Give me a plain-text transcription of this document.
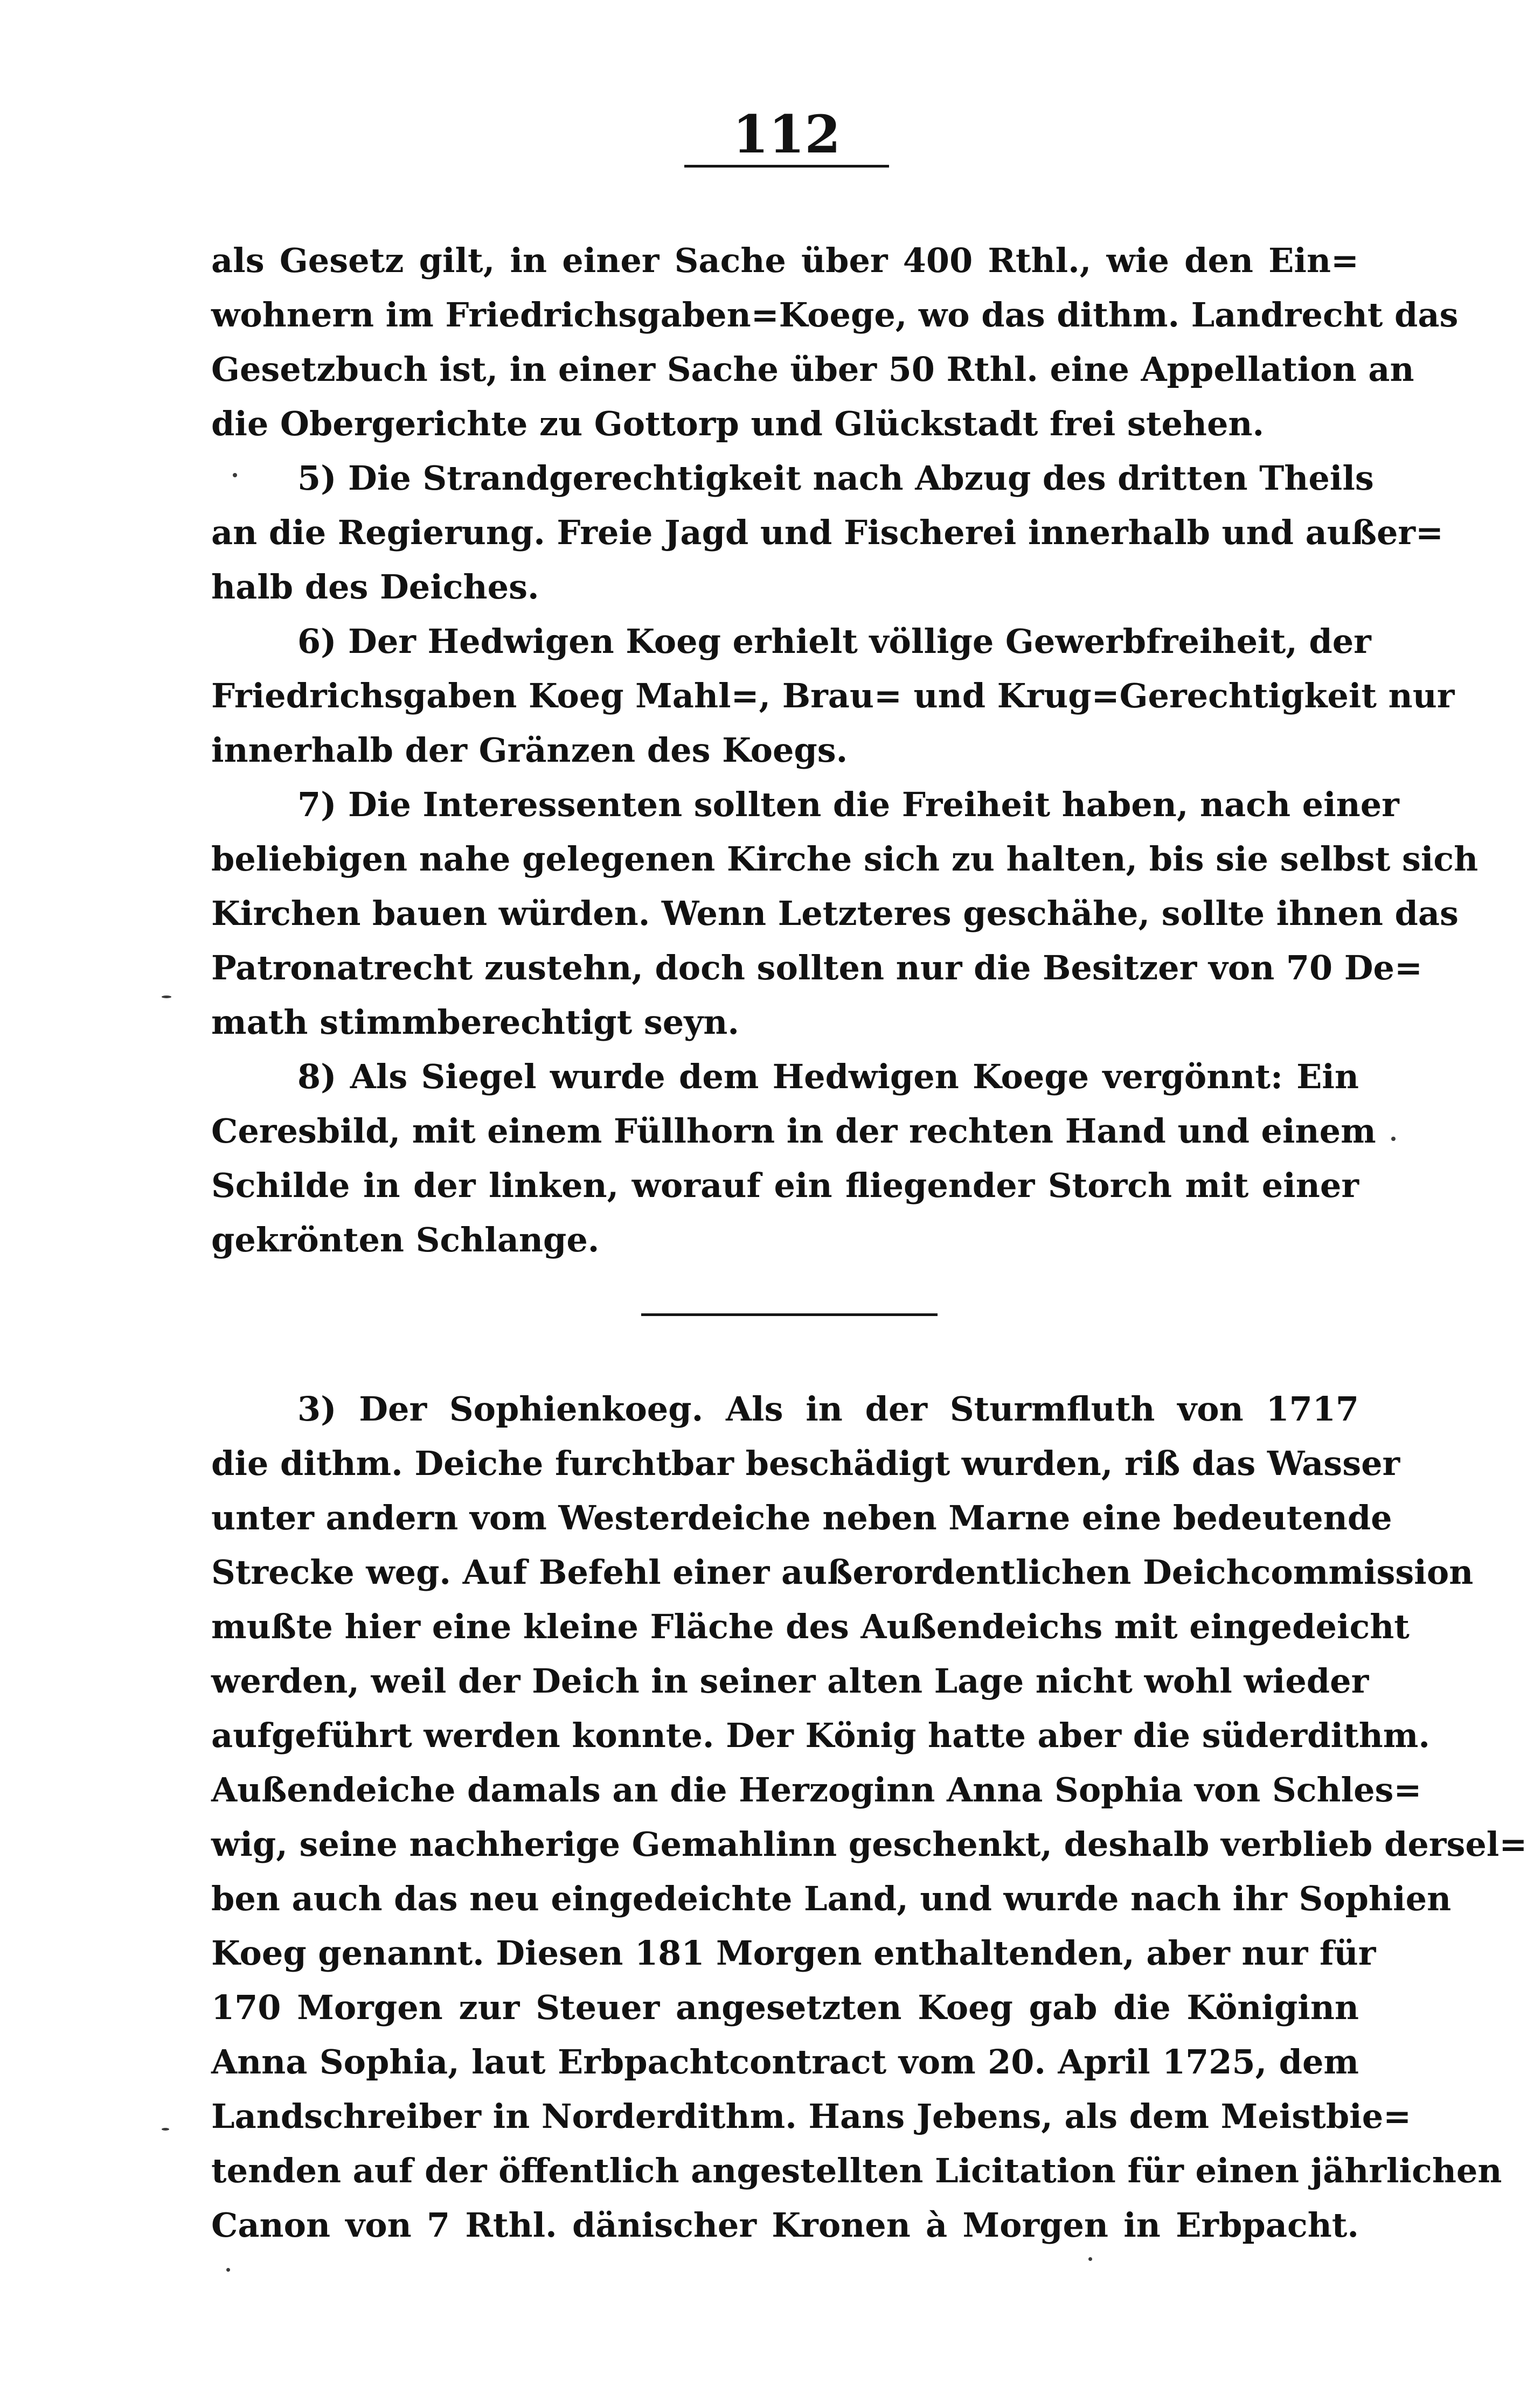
112
als Gesetz gilt, in einer Sache über 400 Rthl., wie den Ein=
wohnern im Friedrichsgaben=Koege, wo das dithm. Landrecht das
Gesetzbuch ist, in einer Sache über 50 Rthl. eine Appellation an
die Obergerichte zu Gottorp und Glückstadt frei stehen.
5) Die Strandgerechtigkeit nach Abzug des dritten Theils
an die Regierung. Freie Jagd und Fischerei innerhalb und außer=
halb des Deiches.
6) Der Hedwigen Koeg erhielt völlige Gewerbfreiheit, der
Friedrichsgaben Koeg Mahl=, Brau= und Krug=Gerechtigkeit nur
innerhalb der Gränzen des Koegs.
7) Die Interessenten sollten die Freiheit haben, nach einer
beliebigen nahe gelegenen Kirche sich zu halten, bis sie selbst sich
Kirchen bauen würden. Wenn Letzteres geschähe, sollte ihnen das
Patronatrecht zustehn, doch sollten nur die Besitzer von 70 De=
math stimmberechtigt seyn.
8) Als Siegel wurde dem Hedwigen Koege vergönnt: Ein
Ceresbild, mit einem Füllhorn in der rechten Hand und einem
Schilde in der linken, worauf ein fliegender Storch mit einer
gekrönten Schlange.
3) Der Sophienkoeg. Als in der Sturmfluth von 1717
die dithm. Deiche furchtbar beschädigt wurden, riß das Wasser
unter andern vom Westerdeiche neben Marne eine bedeutende
Strecke weg. Auf Befehl einer außerordentlichen Deichcommission
mußte hier eine kleine Fläche des Außendeichs mit eingedeicht
werden, weil der Deich in seiner alten Lage nicht wohl wieder
aufgeführt werden konnte. Der König hatte aber die süderdithm.
Außendeiche damals an die Herzoginn Anna Sophia von Schles=
wig, seine nachherige Gemahlinn geschenkt, deshalb verblieb dersel=
ben auch das neu eingedeichte Land, und wurde nach ihr Sophien
Koeg genannt. Diesen 181 Morgen enthaltenden, aber nur für
170 Morgen zur Steuer angesetzten Koeg gab die Königinn
Anna Sophia, laut Erbpachtcontract vom 20. April 1725, dem
Landschreiber in Norderdithm. Hans Jebens, als dem Meistbie=
tenden auf der öffentlich angestellten Licitation für einen jährlichen
Canon von 7 Rthl. dänischer Kronen à Morgen in Erbpacht.
